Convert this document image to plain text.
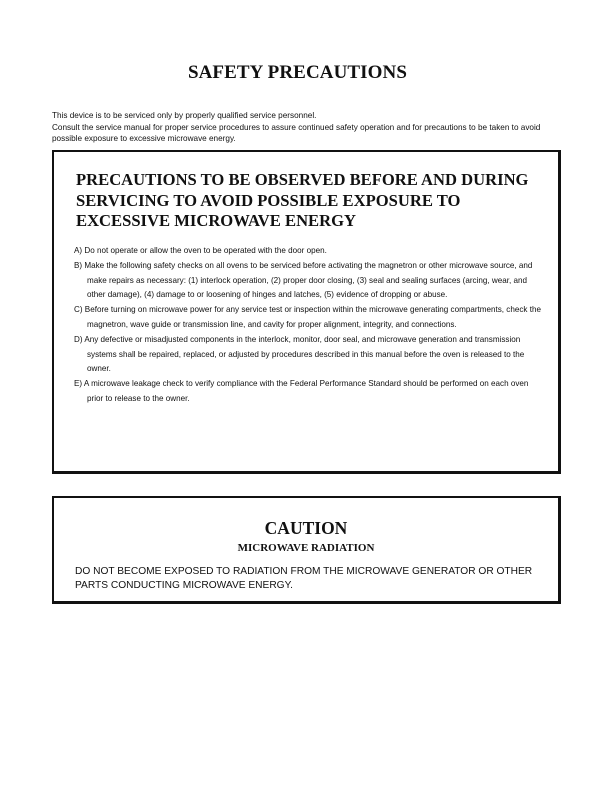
SAFETY PRECAUTIONS

This device is to be serviced only by properly qualified service personnel.

Consult the service manual for proper service procedures to assure continued safety operation and for precautions to be taken to avoid possible exposure to excessive microwave energy.

PRECAUTIONS TO BE OBSERVED BEFORE AND DURING SERVICING TO AVOID POSSIBLE EXPOSURE TO EXCESSIVE MICROWAVE ENERGY
A) Do not operate or allow the oven to be operated with the door open.
B) Make the following safety checks on all ovens to be serviced before activating the magnetron or other microwave source, and make repairs as necessary: (1) interlock operation, (2) proper door closing, (3) seal and sealing surfaces (arcing, wear, and other damage), (4) damage to or loosening of hinges and latches, (5) evidence of dropping or abuse.
C) Before turning on microwave power for any service test or inspection within the microwave generating compartments, check the magnetron, wave guide or transmission line, and cavity for proper alignment, integrity, and connections.
D) Any defective or misadjusted components in the interlock, monitor, door seal, and microwave generation and transmission systems shall be repaired, replaced, or adjusted by procedures described in this manual before the oven is released to the owner.
E) A microwave leakage check to verify compliance with the Federal Performance Standard should be performed on each oven prior to release to the owner.
CAUTION
MICROWAVE RADIATION

DO NOT BECOME EXPOSED TO RADIATION FROM THE MICROWAVE GENERATOR OR OTHER PARTS CONDUCTING MICROWAVE ENERGY.
